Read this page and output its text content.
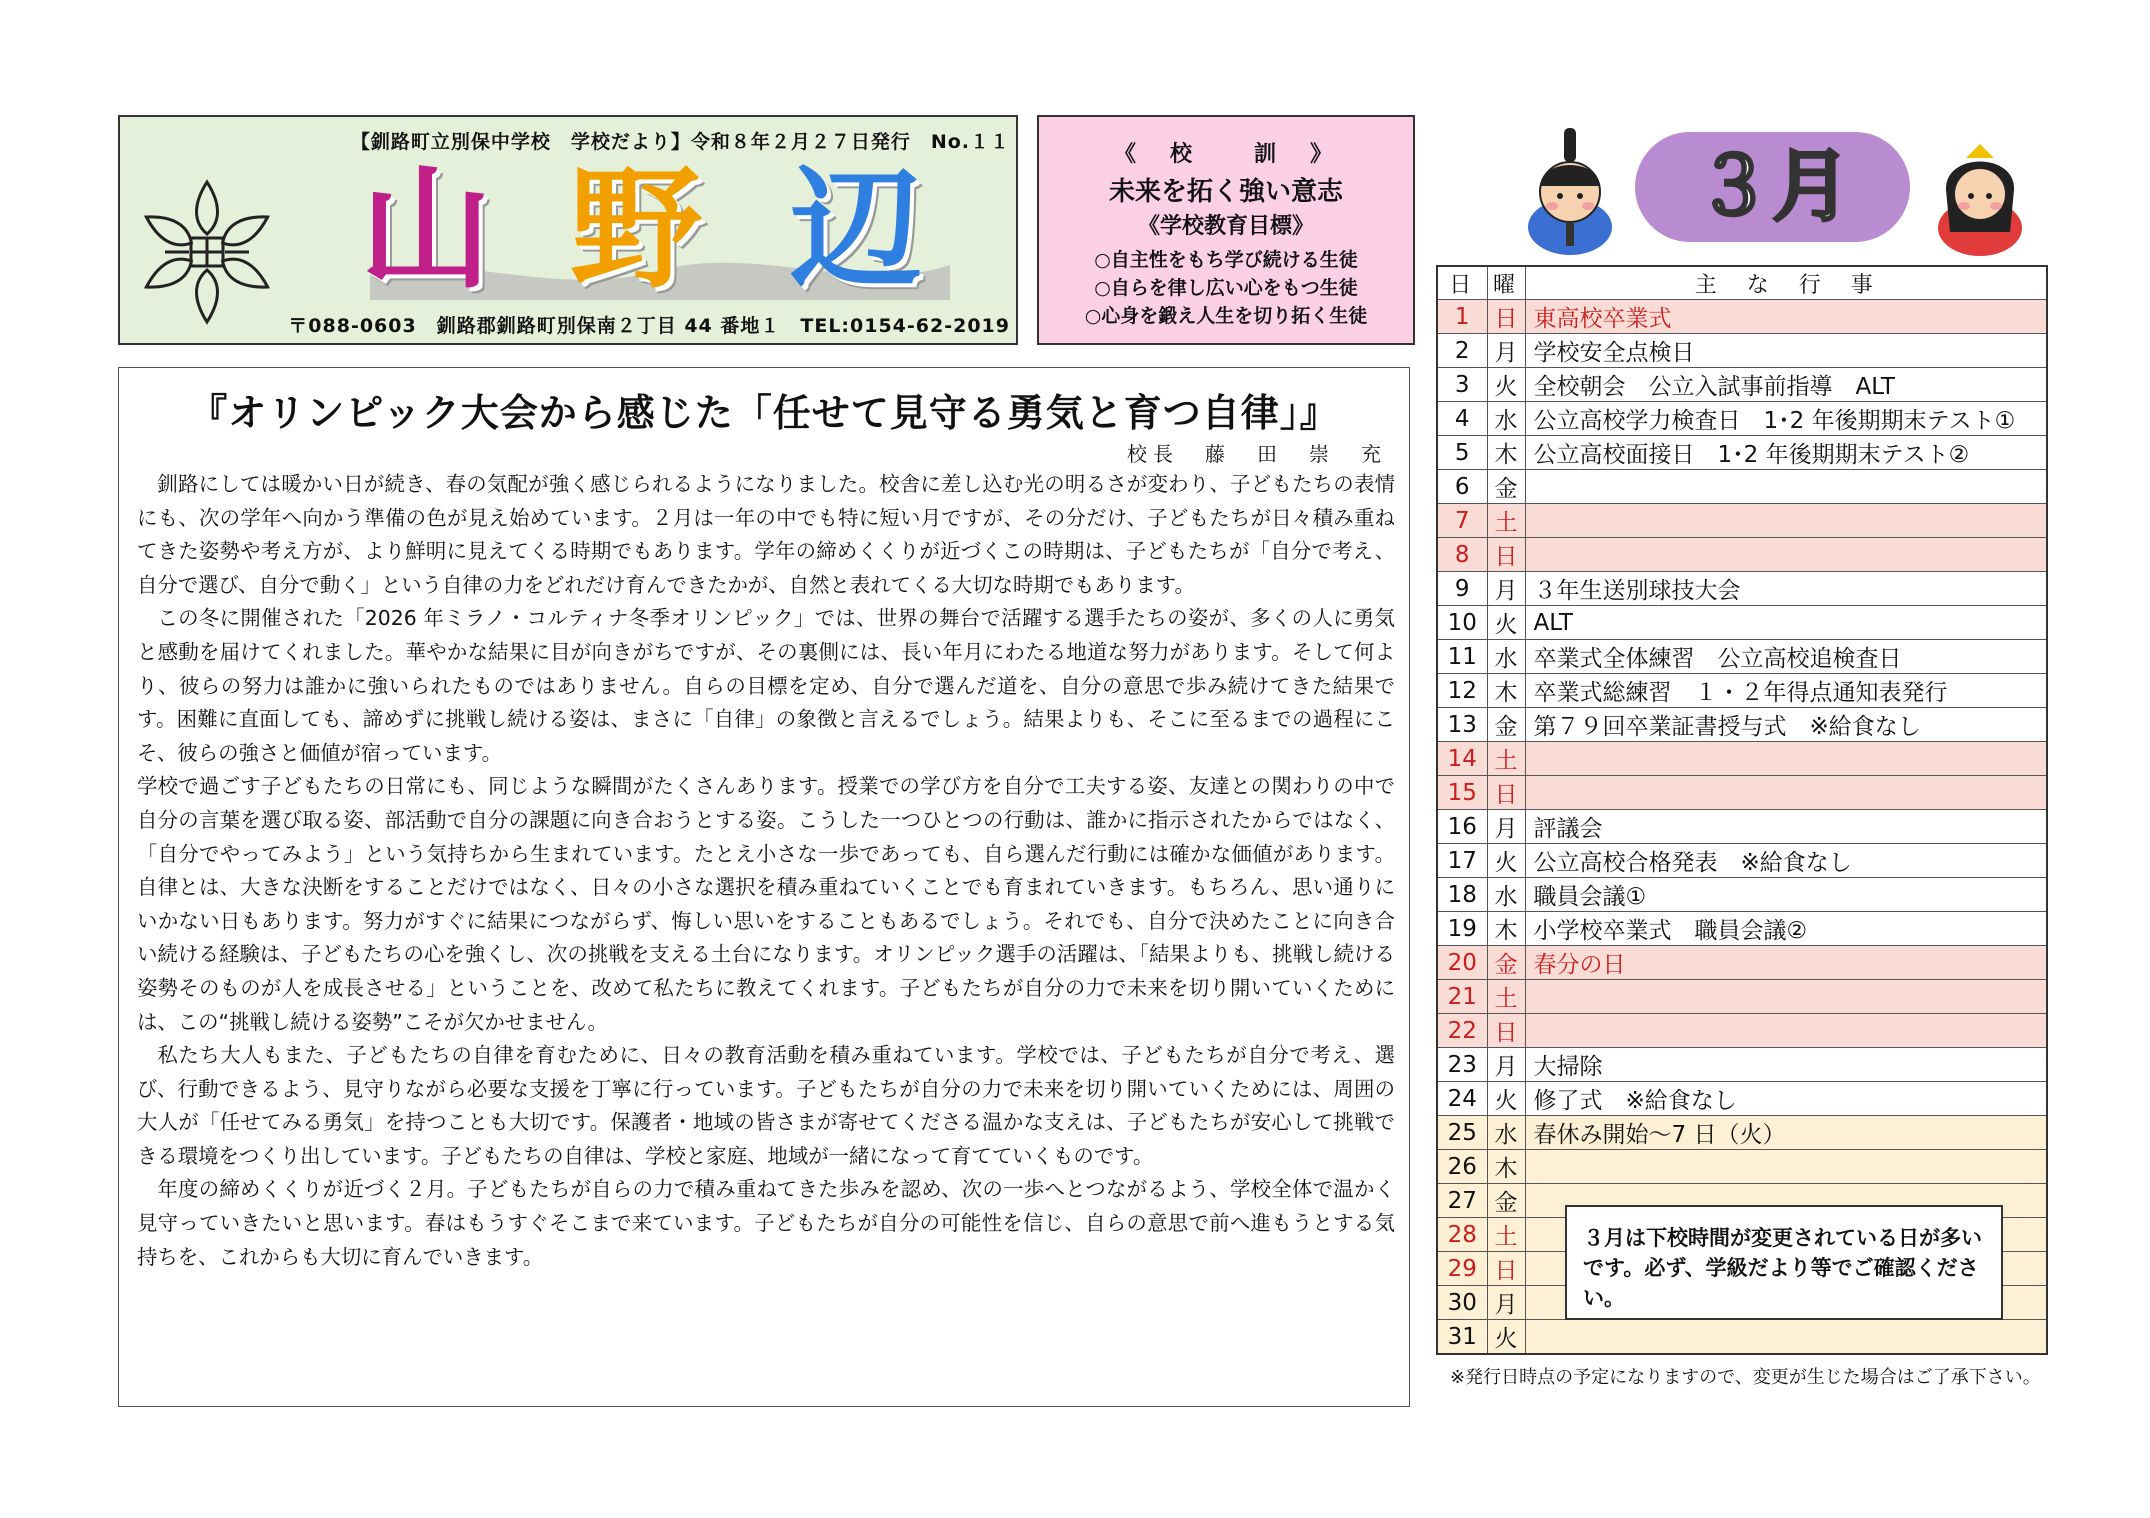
【釧路町立別保中学校　学校だより】令和８年２月２７日発行　No.１１
山 野 辺
〒088-0603　釧路郡釧路町別保南２丁目 44 番地１　TEL:0154-62-2019
《　校　　訓　》
未来を拓く強い意志
《学校教育目標》
○自主性をもち学び続ける生徒
○自らを律し広い心をもつ生徒
○心身を鍛え人生を切り拓く生徒
３月
日	曜	主　な　行　事
1	日	東高校卒業式
2	月	学校安全点検日
3	火	全校朝会　公立入試事前指導　ALT
4	水	公立高校学力検査日　1･2 年後期期末テスト①
5	木	公立高校面接日　1･2 年後期期末テスト②
6	金	
7	土	
8	日	
9	月	３年生送別球技大会
10	火	ALT
11	水	卒業式全体練習　公立高校追検査日
12	木	卒業式総練習　１・２年得点通知表発行
13	金	第７９回卒業証書授与式　※給食なし
14	土	
15	日	
16	月	評議会
17	火	公立高校合格発表　※給食なし
18	水	職員会議①
19	木	小学校卒業式　職員会議②
20	金	春分の日
21	土	
22	日	
23	月	大掃除
24	火	修了式　※給食なし
25	水	春休み開始～7 日（火）
26	木	
27	金	
28	土	
29	日	
30	月	
31	火	
３月は下校時間が変更されている日が多いです。必ず、学級だより等でご確認ください。
※発行日時点の予定になりますので、変更が生じた場合はご了承下さい。
『オリンピック大会から感じた「任せて見守る勇気と育つ自律」』
校長　藤　田　崇　充

釧路にしては暖かい日が続き、春の気配が強く感じられるようになりました。校舎に差し込む光の明るさが変わり、子どもたちの表情にも、次の学年へ向かう準備の色が見え始めています。２月は一年の中でも特に短い月ですが、その分だけ、子どもたちが日々積み重ねてきた姿勢や考え方が、より鮮明に見えてくる時期でもあります。学年の締めくくりが近づくこの時期は、子どもたちが「自分で考え、自分で選び、自分で動く」という自律の力をどれだけ育んできたかが、自然と表れてくる大切な時期でもあります。

この冬に開催された「2026 年ミラノ・コルティナ冬季オリンピック」では、世界の舞台で活躍する選手たちの姿が、多くの人に勇気と感動を届けてくれました。華やかな結果に目が向きがちですが、その裏側には、長い年月にわたる地道な努力があります。そして何より、彼らの努力は誰かに強いられたものではありません。自らの目標を定め、自分で選んだ道を、自分の意思で歩み続けてきた結果です。困難に直面しても、諦めずに挑戦し続ける姿は、まさに「自律」の象徴と言えるでしょう。結果よりも、そこに至るまでの過程にこそ、彼らの強さと価値が宿っています。

学校で過ごす子どもたちの日常にも、同じような瞬間がたくさんあります。授業での学び方を自分で工夫する姿、友達との関わりの中で自分の言葉を選び取る姿、部活動で自分の課題に向き合おうとする姿。こうした一つひとつの行動は、誰かに指示されたからではなく、「自分でやってみよう」という気持ちから生まれています。たとえ小さな一歩であっても、自ら選んだ行動には確かな価値があります。自律とは、大きな決断をすることだけではなく、日々の小さな選択を積み重ねていくことでも育まれていきます。もちろん、思い通りにいかない日もあります。努力がすぐに結果につながらず、悔しい思いをすることもあるでしょう。それでも、自分で決めたことに向き合い続ける経験は、子どもたちの心を強くし、次の挑戦を支える土台になります。オリンピック選手の活躍は、「結果よりも、挑戦し続ける姿勢そのものが人を成長させる」ということを、改めて私たちに教えてくれます。子どもたちが自分の力で未来を切り開いていくためには、この“挑戦し続ける姿勢”こそが欠かせません。

私たち大人もまた、子どもたちの自律を育むために、日々の教育活動を積み重ねています。学校では、子どもたちが自分で考え、選び、行動できるよう、見守りながら必要な支援を丁寧に行っています。子どもたちが自分の力で未来を切り開いていくためには、周囲の大人が「任せてみる勇気」を持つことも大切です。保護者・地域の皆さまが寄せてくださる温かな支えは、子どもたちが安心して挑戦できる環境をつくり出しています。子どもたちの自律は、学校と家庭、地域が一緒になって育てていくものです。

年度の締めくくりが近づく２月。子どもたちが自らの力で積み重ねてきた歩みを認め、次の一歩へとつながるよう、学校全体で温かく見守っていきたいと思います。春はもうすぐそこまで来ています。子どもたちが自分の可能性を信じ、自らの意思で前へ進もうとする気持ちを、これからも大切に育んでいきます。
